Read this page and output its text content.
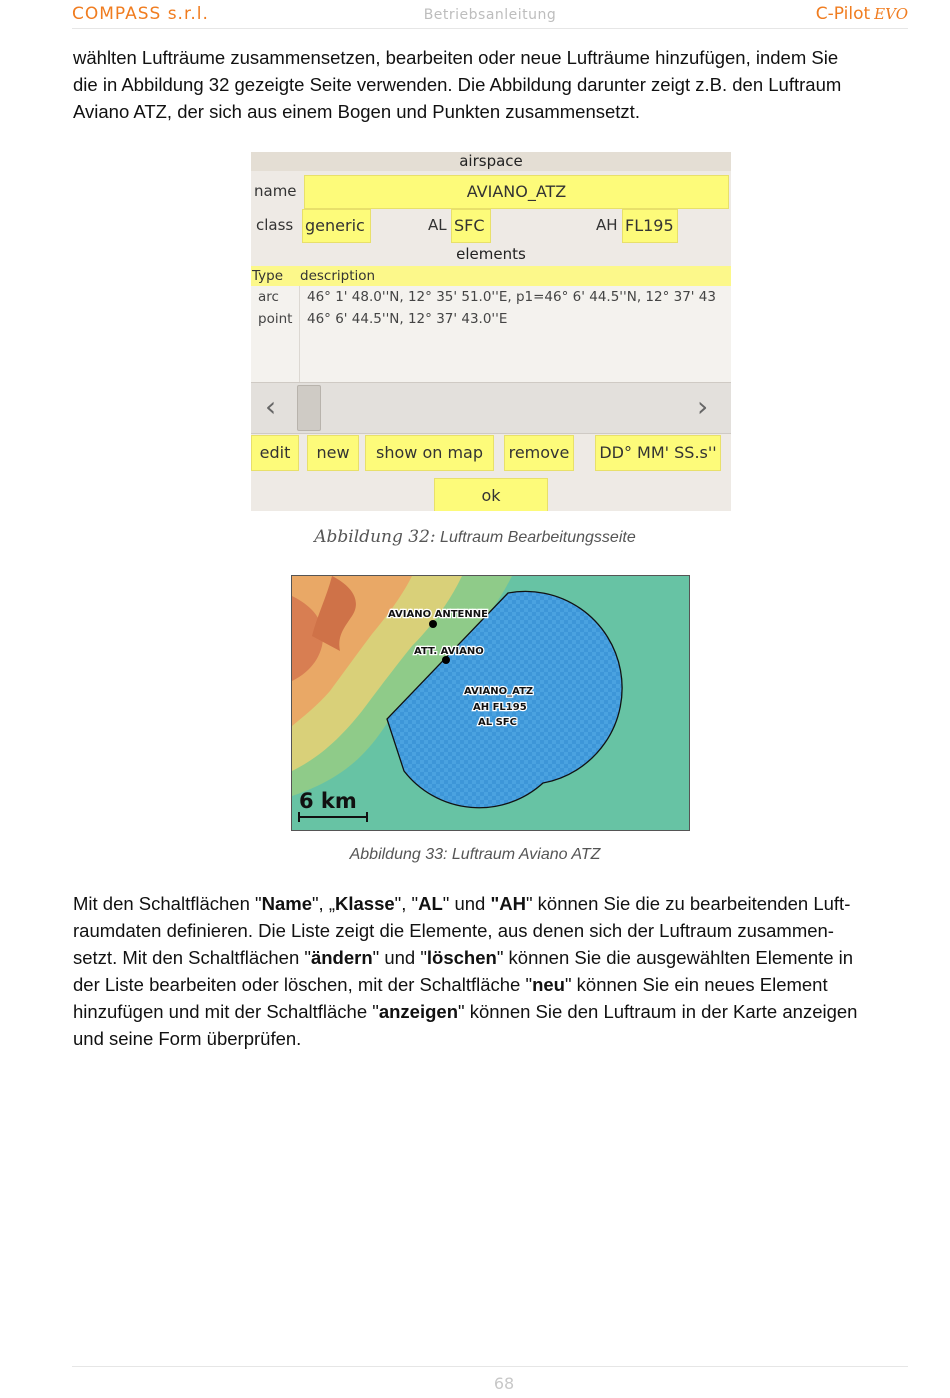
COMPASS s.r.l.	Betriebsanleitung	C-Pilot EVO
wählten Lufträume zusammensetzen, bearbeiten oder neue Lufträume hinzufügen, indem Sie
die in Abbildung 32 gezeigte Seite verwenden. Die Abbildung darunter zeigt z.B. den Luftraum
Aviano ATZ, der sich aus einem Bogen und Punkten zusammensetzt.
airspace
name	AVIANO_ATZ
class generic	AL SFC	AH FL195
elements
Type description
arc 46° 1' 48.0''N, 12° 35' 51.0''E, p1=46° 6' 44.5''N, 12° 37' 43
point 46° 6' 44.5''N, 12° 37' 43.0''E
‹	›
edit	new	show on map	remove DD° MM' SS.s''
ok
Abbildung 32: Luftraum Bearbeitungsseite
AVIANO ANTENNE
ATT. AVIANO
AVIANO_ATZ
AH FL195
AL SFC
6 km
Abbildung 33: Luftraum Aviano ATZ
Mit den Schaltflächen "Name", „Klasse", "AL" und "AH" können Sie die zu bearbeitenden Luft-
raumdaten definieren. Die Liste zeigt die Elemente, aus denen sich der Luftraum zusammen-
setzt. Mit den Schaltflächen "ändern" und "löschen" können Sie die ausgewählten Elemente in
der Liste bearbeiten oder löschen, mit der Schaltfläche "neu" können Sie ein neues Element
hinzufügen und mit der Schaltfläche "anzeigen" können Sie den Luftraum in der Karte anzeigen
und seine Form überprüfen.
68
